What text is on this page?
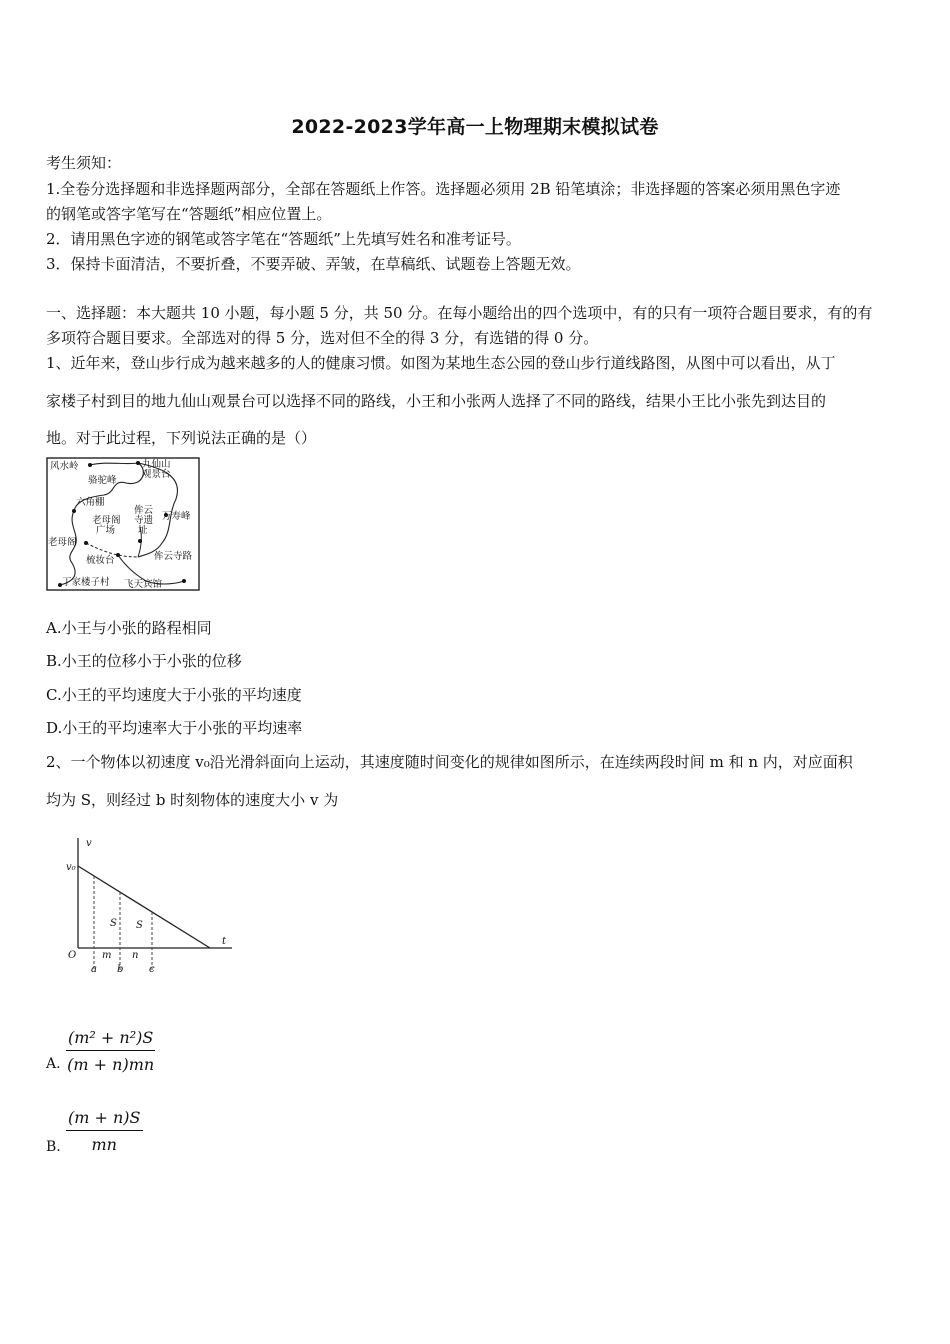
2022-2023学年高一上物理期末模拟试卷
考生须知：
1.全卷分选择题和非选择题两部分，全部在答题纸上作答。选择题必须用 2B 铅笔填涂；非选择题的答案必须用黑色字迹
的钢笔或答字笔写在“答题纸”相应位置上。
2．请用黑色字迹的钢笔或答字笔在“答题纸”上先填写姓名和准考证号。
3．保持卡面清洁，不要折叠，不要弄破、弄皱，在草稿纸、试题卷上答题无效。
一、选择题：本大题共 10 小题，每小题 5 分，共 50 分。在每小题给出的四个选项中，有的只有一项符合题目要求，有的有
多项符合题目要求。全部选对的得 5 分，选对但不全的得 3 分，有选错的得 0 分。
1、近年来，登山步行成为越来越多的人的健康习惯。如图为某地生态公园的登山步行道线路图，从图中可以看出，从丁
家楼子村到目的地九仙山观景台可以选择不同的路线，小王和小张两人选择了不同的路线，结果小王比小张先到达目的
地。对于此过程，下列说法正确的是（）
风水岭	九仙山
观景台
骆驼峰
六角棚
老母阁
广场
侔云
寺遗
址
万寿峰
老母阁
梳妆台	侔云寺路
丁家楼子村 飞天宾馆
A.小王与小张的路程相同
B.小王的位移小于小张的位移
C.小王的平均速度大于小张的平均速度
D.小王的平均速率大于小张的平均速率
2、一个物体以初速度 v₀沿光滑斜面向上运动，其速度随时间变化的规律如图所示，在连续两段时间 m 和 n 内，对应面积
均为 S，则经过 b 时刻物体的速度大小 v 为
v
v₀
t
O
S S
m n
a b	c
A. $\frac{\text{(m² + n²)S}}{(m + n)mn}$
B. $\frac{(m + n)S}{mn}$
